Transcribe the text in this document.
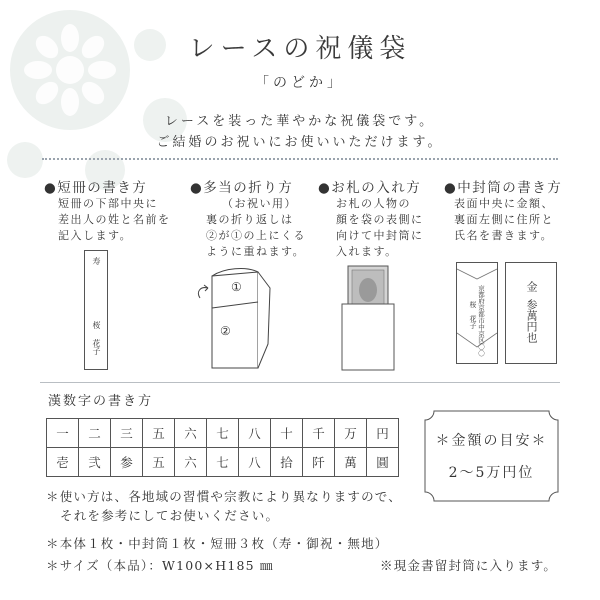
レースの祝儀袋
「のどか」
レースを装った華やかな祝儀袋です。
ご結婚のお祝いにお使いいただけます。
●短冊の書き方
短冊の下部中央に
差出人の姓と名前を
記入します。
●多当の折り方
（お祝い用）
裏の折り返しは
②が①の上にくる
ように重ねます。
●お札の入れ方
お札の人物の
顔を袋の表側に
向けて中封筒に
入れます。
●中封筒の書き方
表面中央に金額、
裏面左側に住所と
氏名を書きます。
寿
桜
花子
①
②	京都府京都市中京区〇〇
桜　花子
金
参萬円也
漢数字の書き方
一	二	三	五	六	七	八	十	千	万	円
壱	弐	参	五	六	七	八	拾	阡	萬	圓
＊金額の目安＊
2〜5万円位
＊使い方は、各地域の習慣や宗教により異なりますので、
それを参考にしてお使いください。
＊本体１枚・中封筒１枚・短冊３枚（寿・御祝・無地）
＊サイズ（本品）：W100×H185 ㎜	※現金書留封筒に入ります。
